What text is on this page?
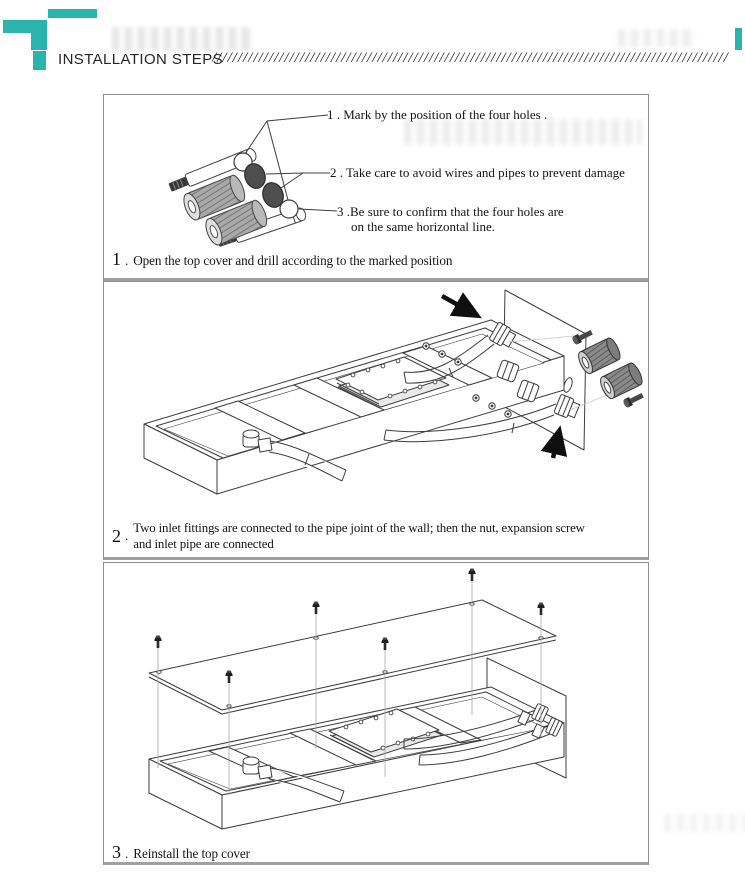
INSTALLATION STEPS
////////////////////////////////////////////////////////////////////////////////////////////////////
1 . Mark by the position of the four holes .
2 . Take care to avoid wires and pipes to prevent damage
3 .Be sure to confirm that the four holes are
on the same horizontal line.
1 . Open the top cover and drill according to the marked position
2 . Two inlet fittings are connected to the pipe joint of the wall; then the nut, expansion screw
and inlet pipe are connected
3 . Reinstall the top cover
